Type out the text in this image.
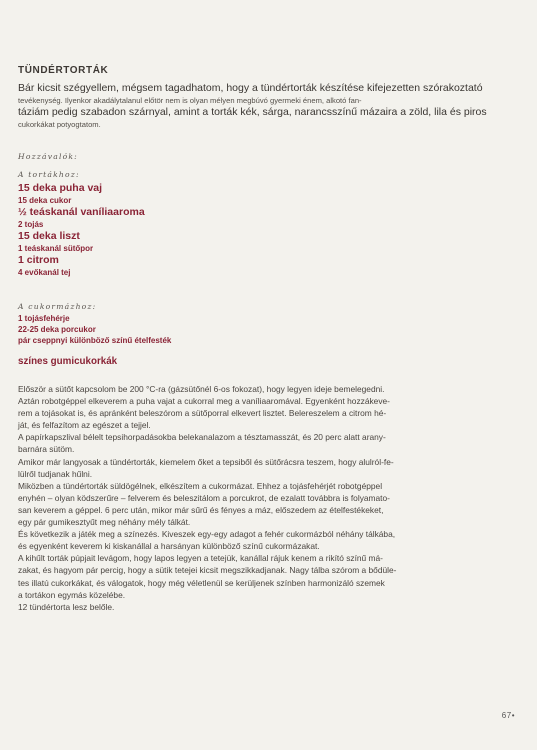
TÜNDÉRTORTÁK
Bár kicsit szégyellem, mégsem tagadhatom, hogy a tündértorták készítése kifejezetten szórakoztató
tevékenység. Ilyenkor akadálytalanul előtör nem is olyan mélyen megbúvó gyermeki énem, alkotó fan-
táziám pedig szabadon szárnyal, amint a torták kék, sárga, narancsszínű mázaira a zöld, lila és piros
cukorkákat potyogtatom.
Hozzávalók:
A tortákhoz:
15 deka puha vaj
15 deka cukor
½ teáskanál vaníliaaroma
2 tojás
15 deka liszt
1 teáskanál sütőpor
1 citrom
4 evőkanál tej
A cukormázhoz:
1 tojásfehérje
22-25 deka porcukor
pár cseppnyi különböző színű ételfesték
színes gumicukorkák

Először a sütőt kapcsolom be 200 °C-ra (gázsütőnél 6-os fokozat), hogy legyen ideje bemelegedni.

Aztán robotgéppel elkeverem a puha vajat a cukorral meg a vaníliaaromával. Egyenként hozzákeve-

rem a tojásokat is, és apránként beleszórom a sütőporral elkevert lisztet. Belereszelem a citrom hé-

ját, és felfazítom az egészet a tejjel.

A papírkapszlival bélelt tepsihorpadásokba belekanalazom a tésztamasszát, és 20 perc alatt arany-

barnára sütöm.

Amikor már langyosak a tündértorták, kiemelem őket a tepsiből és sütőrácsra teszem, hogy alulról-fe-

lülről tudjanak hűlni.

Miközben a tündértorták süldögélnek, elkészítem a cukormázat. Ehhez a tojásfehérjét robotgéppel

enyhén – olyan ködszerűre – felverem és beleszitálom a porcukrot, de ezalatt továbbra is folyamato-

san keverem a géppel. 6 perc után, mikor már sűrű és fényes a máz, előszedem az ételfestékeket,

egy pár gumikesztyűt meg néhány mély tálkát.

És következik a játék meg a színezés. Kiveszek egy-egy adagot a fehér cukormázból néhány tálkába,

és egyenként keverem ki kiskanállal a harsányan különböző színű cukormázakat.

A kihűlt torták púpjait levágom, hogy lapos legyen a tetejük, kanállal rájuk kenem a rikító színű má-

zakat, és hagyom pár percig, hogy a sütik tetejei kicsit megszikkadjanak. Nagy tálba szórom a bődüle-

tes illatú cukorkákat, és válogatok, hogy még véletlenül se kerüljenek színben harmonizáló szemek

a tortákon egymás közelébe.

12 tündértorta lesz belőle.

67•
